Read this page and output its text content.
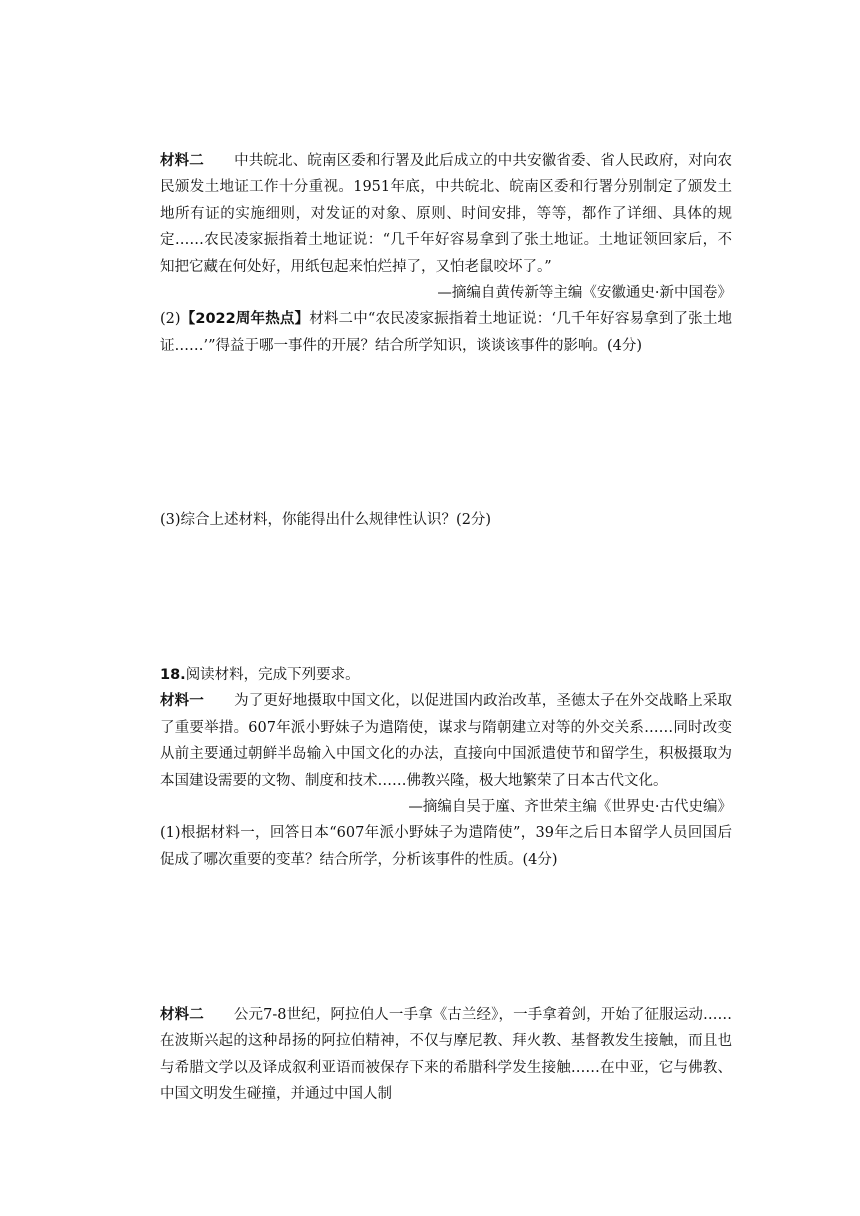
材料二 中共皖北、皖南区委和行署及此后成立的中共安徽省委、省人民政府，对向农民颁发土地证工作十分重视。1951年底，中共皖北、皖南区委和行署分别制定了颁发土地所有证的实施细则，对发证的对象、原则、时间安排，等等，都作了详细、具体的规定……农民凌家振指着土地证说：“几千年好容易拿到了张土地证。土地证领回家后，不知把它藏在何处好，用纸包起来怕烂掉了，又怕老鼠咬坏了。”

—摘编自黄传新等主编《安徽通史·新中国卷》

(2)【2022周年热点】材料二中“农民凌家振指着土地证说：‘几千年好容易拿到了张土地证……’”得益于哪一事件的开展？结合所学知识，谈谈该事件的影响。(4分)

(3)综合上述材料，你能得出什么规律性认识？(2分)

18.阅读材料，完成下列要求。

材料一 为了更好地摄取中国文化，以促进国内政治改革，圣德太子在外交战略上采取了重要举措。607年派小野妹子为遣隋使，谋求与隋朝建立对等的外交关系……同时改变从前主要通过朝鲜半岛输入中国文化的办法，直接向中国派遣使节和留学生，积极摄取为本国建设需要的文物、制度和技术……佛教兴隆，极大地繁荣了日本古代文化。

—摘编自吴于廑、齐世荣主编《世界史·古代史编》

(1)根据材料一，回答日本“607年派小野妹子为遣隋使”，39年之后日本留学人员回国后促成了哪次重要的变革？结合所学，分析该事件的性质。(4分)

材料二 公元7-8世纪，阿拉伯人一手拿《古兰经》，一手拿着剑，开始了征服运动……在波斯兴起的这种昂扬的阿拉伯精神，不仅与摩尼教、拜火教、基督教发生接触，而且也与希腊文学以及译成叙利亚语而被保存下来的希腊科学发生接触……在中亚，它与佛教、中国文明发生碰撞，并通过中国人制
